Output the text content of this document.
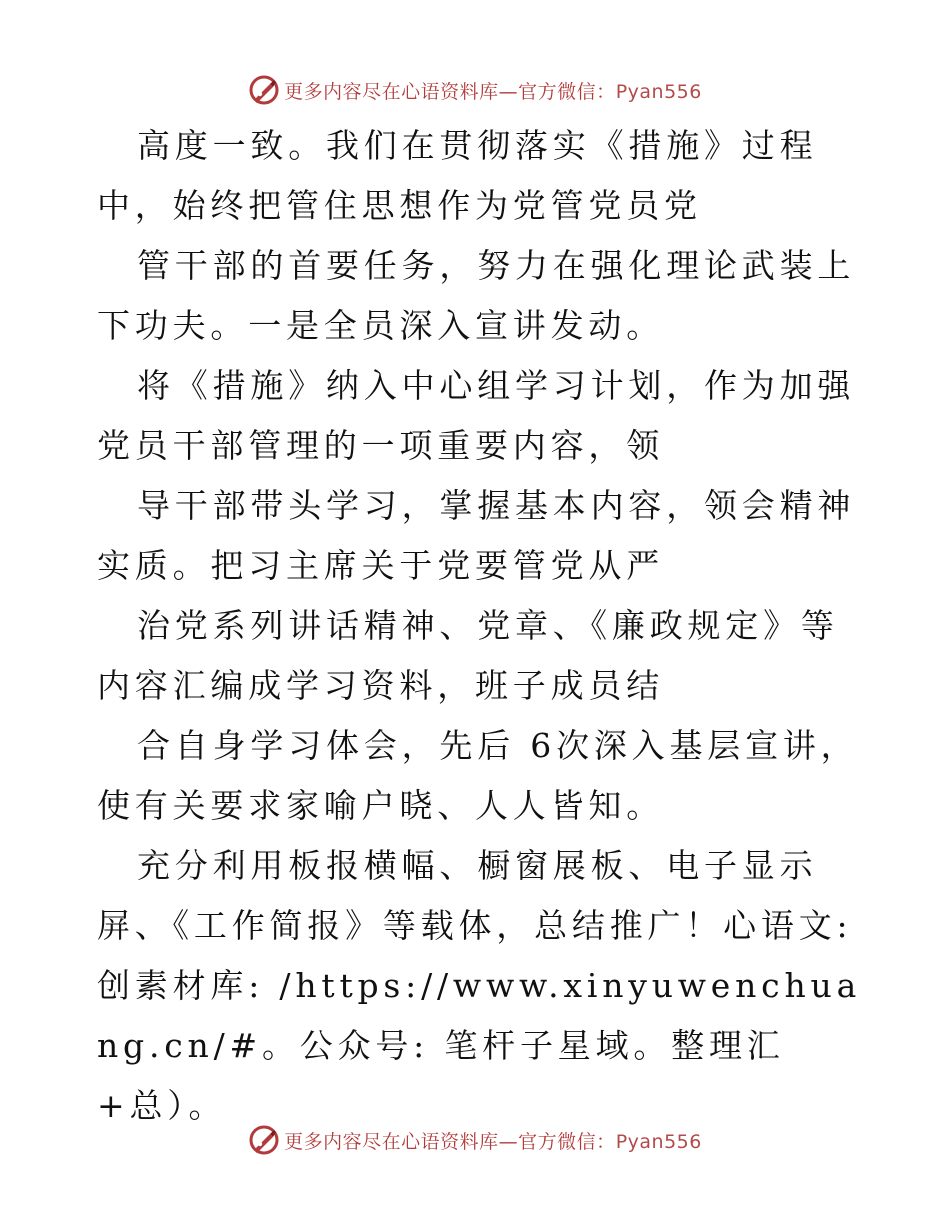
更多内容尽在心语资料库—官方微信：Pyan556

高度一致。我们在贯彻落实《措施》过程中，始终把管住思想作为党管党员党

管干部的首要任务，努力在强化理论武装上下功夫。一是全员深入宣讲发动。

将《措施》纳入中心组学习计划，作为加强党员干部管理的一项重要内容，领

导干部带头学习，掌握基本内容，领会精神实质。把习主席关于党要管党从严

治党系列讲话精神、党章、《廉政规定》等内容汇编成学习资料，班子成员结

合自身学习体会，先后 6次深入基层宣讲，使有关要求家喻户晓、人人皆知。

充分利用板报横幅、橱窗展板、电子显示屏、《工作简报》等载体，总结推广！心语文:创素材库: /https://www.xinyuwenchuang.cn/#。公众号: 笔杆子星域。整理汇+总）。

更多内容尽在心语资料库—官方微信：Pyan556
